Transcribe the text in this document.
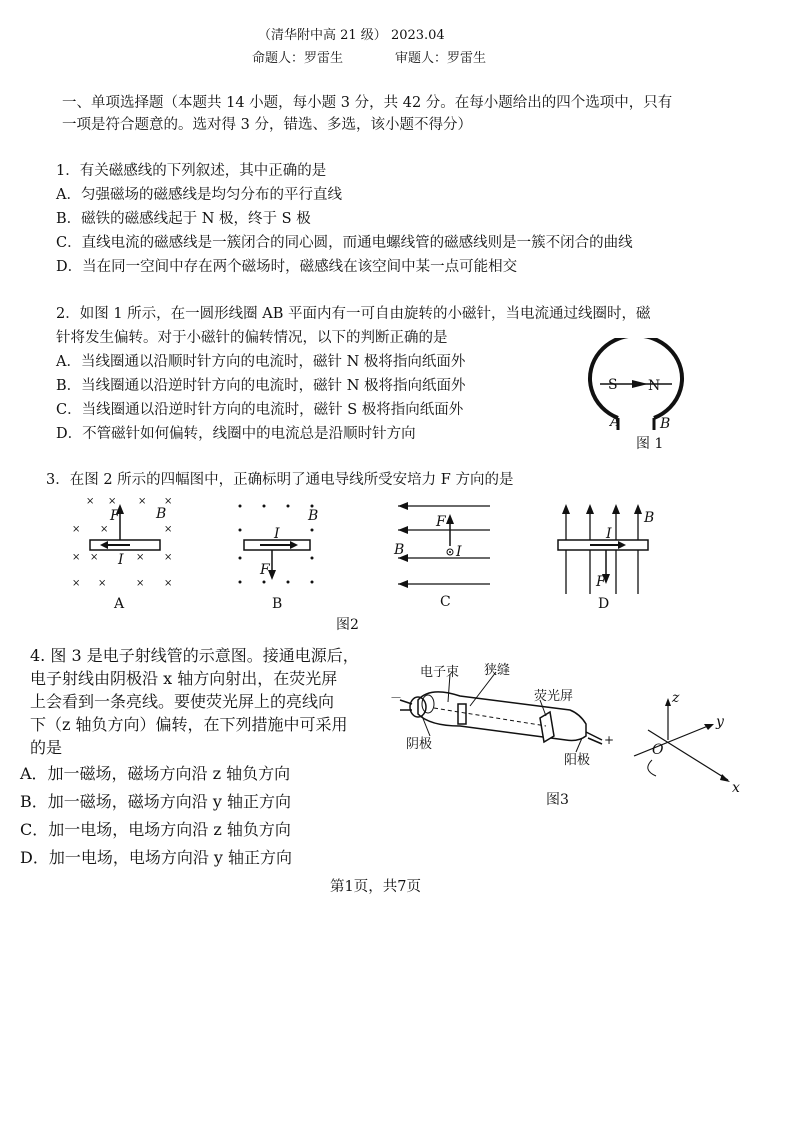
（清华附中高 21 级） 2023.04
命题人：罗雷生	审题人：罗雷生
一、单项选择题（本题共 14 小题，每小题 3 分，共 42 分。在每小题给出的四个选项中，只有
一项是符合题意的。选对得 3 分，错选、多选，该小题不得分）
1．有关磁感线的下列叙述，其中正确的是
A．匀强磁场的磁感线是均匀分布的平行直线
B．磁铁的磁感线起于 N 极，终于 S 极
C．直线电流的磁感线是一簇闭合的同心圆，而通电螺线管的磁感线则是一簇不闭合的曲线
D．当在同一空间中存在两个磁场时，磁感线在该空间中某一点可能相交
2．如图 1 所示，在一圆形线圈 AB 平面内有一可自由旋转的小磁针，当电流通过线圈时，磁
针将发生偏转。对于小磁针的偏转情况，以下的判断正确的是
A．当线圈通以沿顺时针方向的电流时，磁针 N 极将指向纸面外
B．当线圈通以沿逆时针方向的电流时，磁针 N 极将指向纸面外
C．当线圈通以沿逆时针方向的电流时，磁针 S 极将指向纸面外
D．不管磁针如何偏转，线圈中的电流总是沿顺时针方向
S N
A	B
图 1
3．在图 2 所示的四幅图中，正确标明了通电导线所受安培力 F 方向的是
× × × ×
× ×	×
× ×	× ×
× ×	× ×
F	B
I
A
I
F
B
B
F
I
B
C
I
F
B
D
图2
4. 图 3 是电子射线管的示意图。接通电源后，
电子射线由阴极沿 x 轴方向射出，在荧光屏
上会看到一条亮线。要使荧光屏上的亮线向
下（z 轴负方向）偏转，在下列措施中可采用
的是
A．加一磁场，磁场方向沿 z 轴负方向
B．加一磁场，磁场方向沿 y 轴正方向
C．加一电场，电场方向沿 z 轴负方向
D．加一电场，电场方向沿 y 轴正方向
电子束 狭缝
荧光屏
阴极
阳极
－
+
z
y
x
O
图3
第1页，共7页
